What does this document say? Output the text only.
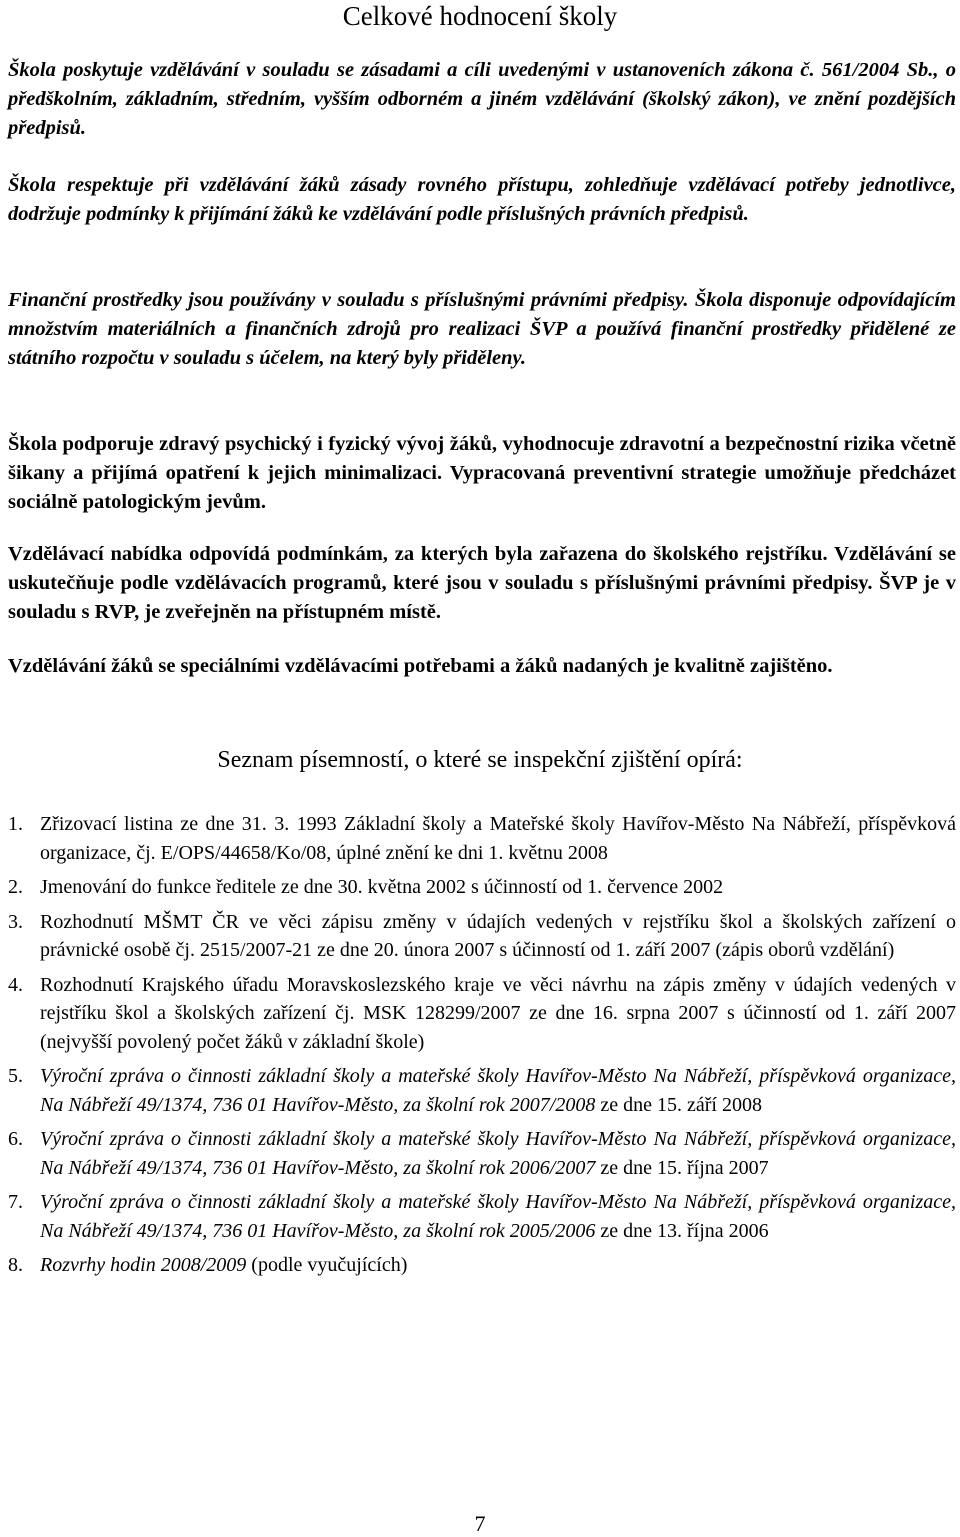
Celkové hodnocení školy

Škola poskytuje vzdělávání v souladu se zásadami a cíli uvedenými v ustanoveních zákona č. 561/2004 Sb., o předškolním, základním, středním, vyšším odborném a jiném vzdělávání (školský zákon), ve znění pozdějších předpisů.

Škola respektuje při vzdělávání žáků zásady rovného přístupu, zohledňuje vzdělávací potřeby jednotlivce, dodržuje podmínky k přijímání žáků ke vzdělávání podle příslušných právních předpisů.

Finanční prostředky jsou používány v souladu s příslušnými právními předpisy. Škola disponuje odpovídajícím množstvím materiálních a finančních zdrojů pro realizaci ŠVP a používá finanční prostředky přidělené ze státního rozpočtu v souladu s účelem, na který byly přiděleny.

Škola podporuje zdravý psychický i fyzický vývoj žáků, vyhodnocuje zdravotní a bezpečnostní rizika včetně šikany a přijímá opatření k jejich minimalizaci. Vypracovaná preventivní strategie umožňuje předcházet sociálně patologickým jevům.

Vzdělávací nabídka odpovídá podmínkám, za kterých byla zařazena do školského rejstříku. Vzdělávání se uskutečňuje podle vzdělávacích programů, které jsou v souladu s příslušnými právními předpisy. ŠVP je v souladu s RVP, je zveřejněn na přístupném místě.

Vzdělávání žáků se speciálními vzdělávacími potřebami a žáků nadaných je kvalitně zajištěno.

Seznam písemností, o které se inspekční zjištění opírá:
1. Zřizovací listina ze dne 31. 3. 1993 Základní školy a Mateřské školy Havířov-Město Na Nábřeží, příspěvková organizace, čj. E/OPS/44658/Ko/08, úplné znění ke dni 1. květnu 2008
2. Jmenování do funkce ředitele ze dne 30. května 2002 s účinností od 1. července 2002
3. Rozhodnutí MŠMT ČR ve věci zápisu změny v údajích vedených v rejstříku škol a školských zařízení o právnické osobě čj. 2515/2007-21 ze dne 20. února 2007 s účinností od 1. září 2007 (zápis oborů vzdělání)
4. Rozhodnutí Krajského úřadu Moravskoslezského kraje ve věci návrhu na zápis změny v údajích vedených v rejstříku škol a školských zařízení čj. MSK 128299/2007 ze dne 16. srpna 2007 s účinností od 1. září 2007 (nejvyšší povolený počet žáků v základní škole)
5. Výroční zpráva o činnosti základní školy a mateřské školy Havířov-Město Na Nábřeží, příspěvková organizace, Na Nábřeží 49/1374, 736 01 Havířov-Město, za školní rok 2007/2008 ze dne 15. září 2008
6. Výroční zpráva o činnosti základní školy a mateřské školy Havířov-Město Na Nábřeží, příspěvková organizace, Na Nábřeží 49/1374, 736 01 Havířov-Město, za školní rok 2006/2007 ze dne 15. října 2007
7. Výroční zpráva o činnosti základní školy a mateřské školy Havířov-Město Na Nábřeží, příspěvková organizace, Na Nábřeží 49/1374, 736 01 Havířov-Město, za školní rok 2005/2006 ze dne 13. října 2006
8. Rozvrhy hodin 2008/2009 (podle vyučujících)
7
